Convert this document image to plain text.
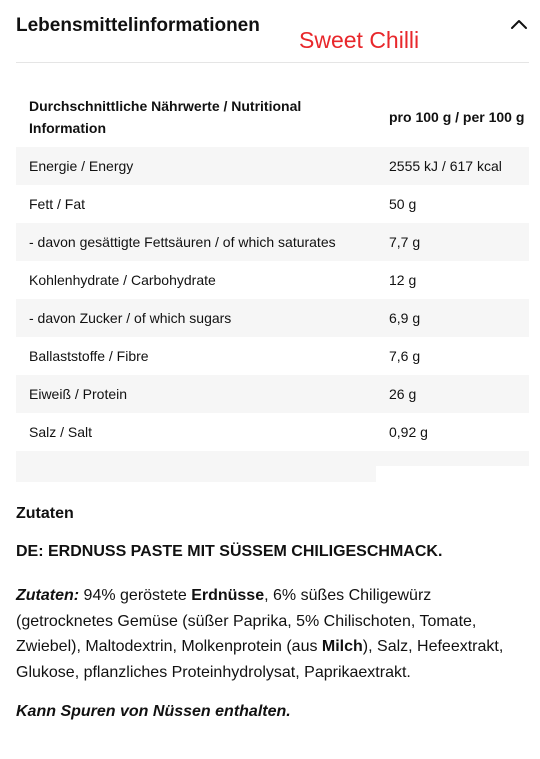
Lebensmittelinformationen
Sweet Chilli
Durchschnittliche Nährwerte / Nutritional Information	pro 100 g / per 100 g
Energie / Energy	2555 kJ / 617 kcal
Fett / Fat	50 g
- davon gesättigte Fettsäuren / of which saturates	7,7 g
Kohlenhydrate / Carbohydrate	12 g
- davon Zucker / of which sugars	6,9 g
Ballaststoffe / Fibre	7,6 g
Eiweiß / Protein	26 g
Salz / Salt	0,92 g
Zutaten
DE: ERDNUSS PASTE MIT SÜSSEM CHILIGESCHMACK.
Zutaten: 94% geröstete Erdnüsse, 6% süßes Chiligewürz (getrocknetes Gemüse (süßer Paprika, 5% Chilischoten, Tomate, Zwiebel), Maltodextrin, Molkenprotein (aus Milch), Salz, Hefeextrakt, Glukose, pflanzliches Proteinhydrolysat, Paprikaextrakt.
Kann Spuren von Nüssen enthalten.
